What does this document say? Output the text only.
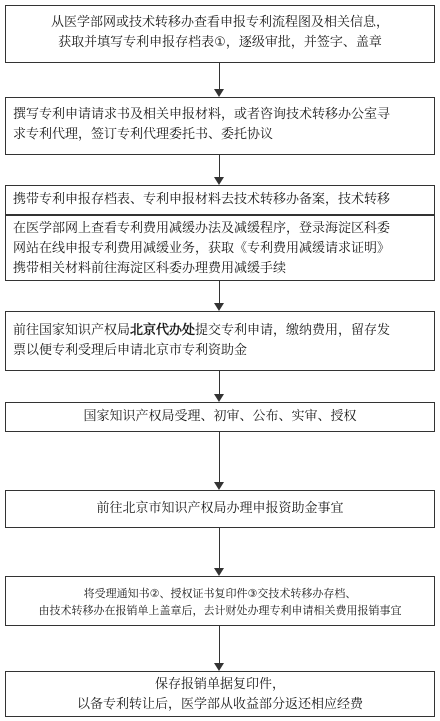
从医学部网或技术转移办查看申报专利流程图及相关信息，

获取并填写专利申报存档表①，逐级审批，并签字、盖章

撰写专利申请请求书及相关申报材料，或者咨询技术转移办公室寻

求专利代理，签订专利代理委托书、委托协议

携带专利申报存档表、专利申报材料去技术转移办备案，技术转移

在医学部网上查看专利费用减缓办法及减缓程序，登录海淀区科委

网站在线申报专利费用减缓业务，获取《专利费用减缓请求证明》

携带相关材料前往海淀区科委办理费用减缓手续

前往国家知识产权局北京代办处提交专利申请，缴纳费用，留存发

票以便专利受理后申请北京市专利资助金

国家知识产权局受理、初审、公布、实审、授权

前往北京市知识产权局办理申报资助金事宜

将受理通知书②、授权证书复印件③交技术转移办存档、

由技术转移办在报销单上盖章后，去计财处办理专利申请相关费用报销事宜

保存报销单据复印件，

以备专利转让后，医学部从收益部分返还相应经费
